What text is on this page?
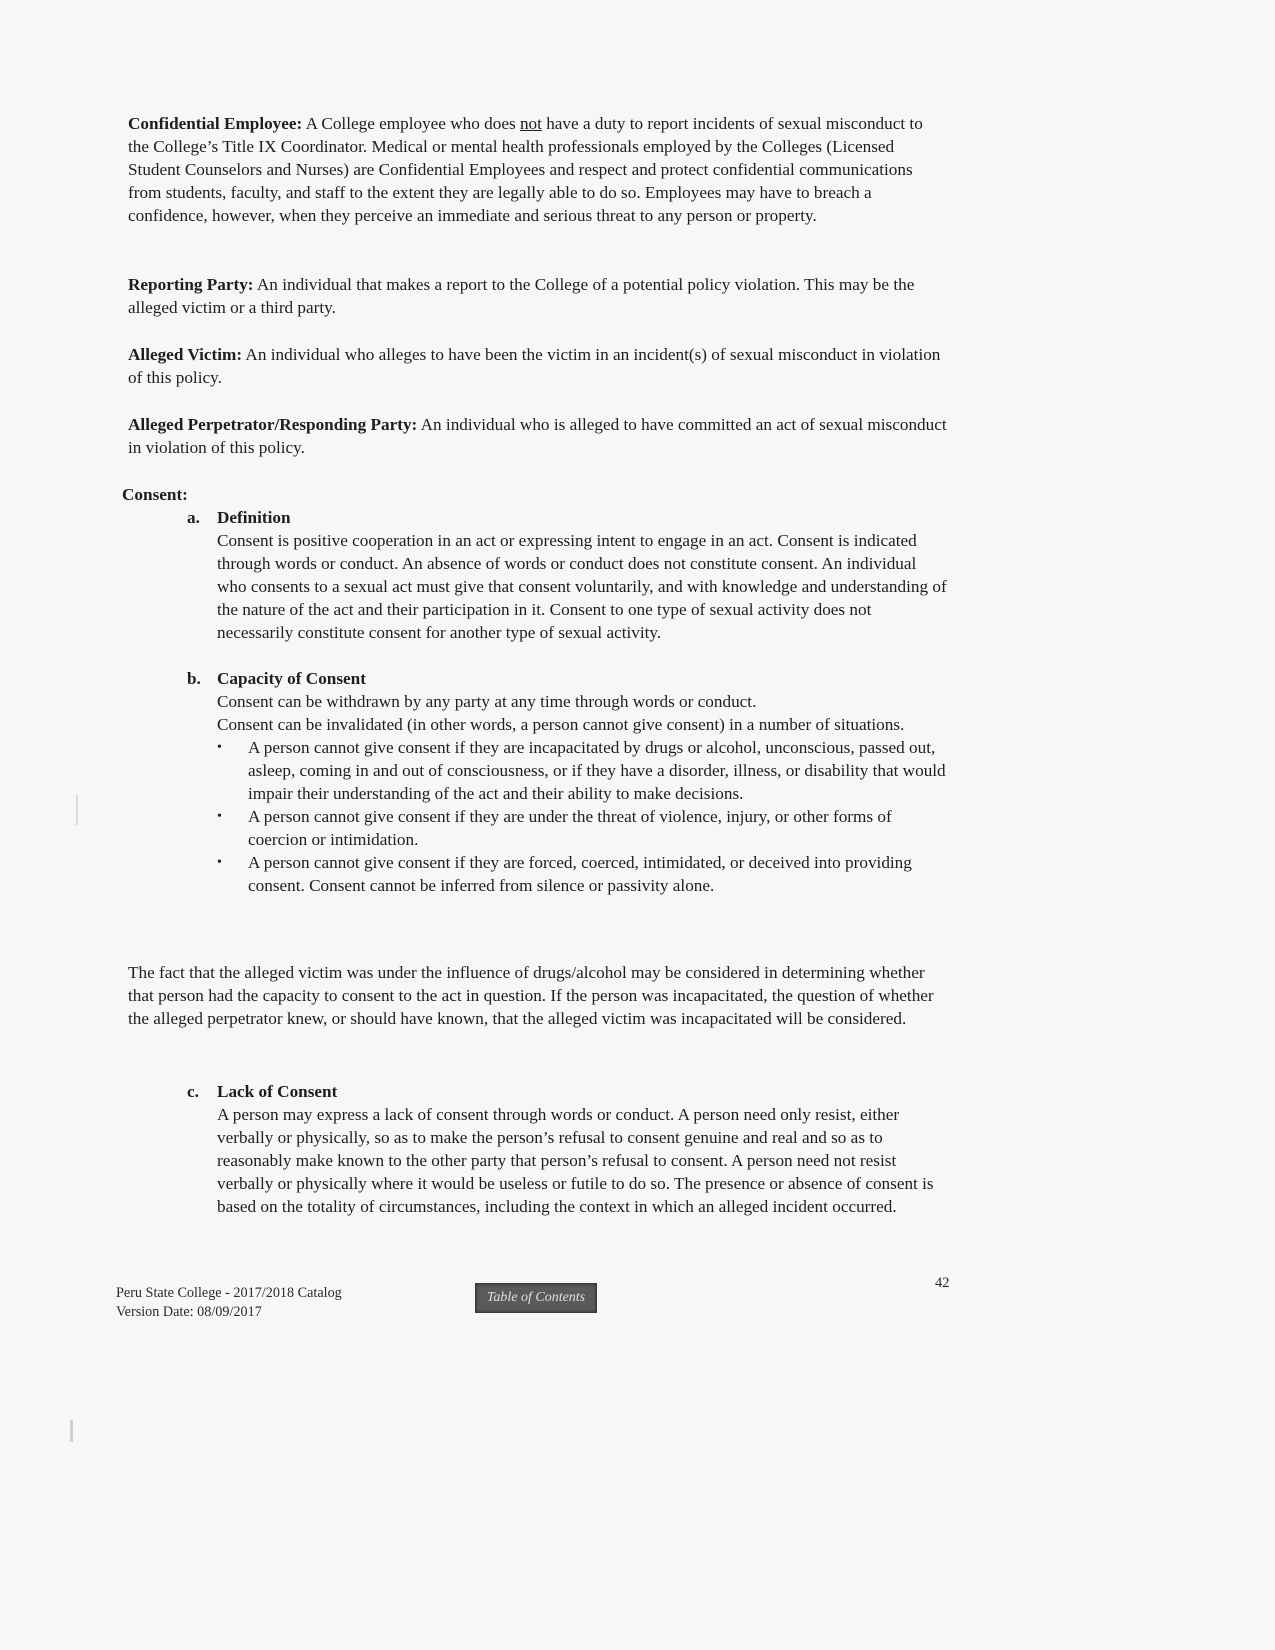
Confidential Employee: A College employee who does not have a duty to report incidents of sexual misconduct to the College’s Title IX Coordinator. Medical or mental health professionals employed by the Colleges (Licensed Student Counselors and Nurses) are Confidential Employees and respect and protect confidential communications from students, faculty, and staff to the extent they are legally able to do so. Employees may have to breach a confidence, however, when they perceive an immediate and serious threat to any person or property.
Reporting Party: An individual that makes a report to the College of a potential policy violation. This may be the alleged victim or a third party.
Alleged Victim: An individual who alleges to have been the victim in an incident(s) of sexual misconduct in violation of this policy.
Alleged Perpetrator/Responding Party: An individual who is alleged to have committed an act of sexual misconduct in violation of this policy.
Consent:
a. Definition
Consent is positive cooperation in an act or expressing intent to engage in an act. Consent is indicated through words or conduct. An absence of words or conduct does not constitute consent. An individual who consents to a sexual act must give that consent voluntarily, and with knowledge and understanding of the nature of the act and their participation in it. Consent to one type of sexual activity does not necessarily constitute consent for another type of sexual activity.
b. Capacity of Consent
Consent can be withdrawn by any party at any time through words or conduct.
Consent can be invalidated (in other words, a person cannot give consent) in a number of situations.
• A person cannot give consent if they are incapacitated by drugs or alcohol, unconscious, passed out, asleep, coming in and out of consciousness, or if they have a disorder, illness, or disability that would impair their understanding of the act and their ability to make decisions.
• A person cannot give consent if they are under the threat of violence, injury, or other forms of coercion or intimidation.
• A person cannot give consent if they are forced, coerced, intimidated, or deceived into providing consent. Consent cannot be inferred from silence or passivity alone.
The fact that the alleged victim was under the influence of drugs/alcohol may be considered in determining whether that person had the capacity to consent to the act in question. If the person was incapacitated, the question of whether the alleged perpetrator knew, or should have known, that the alleged victim was incapacitated will be considered.
c. Lack of Consent
A person may express a lack of consent through words or conduct. A person need only resist, either verbally or physically, so as to make the person’s refusal to consent genuine and real and so as to reasonably make known to the other party that person’s refusal to consent. A person need not resist verbally or physically where it would be useless or futile to do so. The presence or absence of consent is based on the totality of circumstances, including the context in which an alleged incident occurred.
Peru State College - 2017/2018 Catalog
Version Date: 08/09/2017
Table of Contents
42
